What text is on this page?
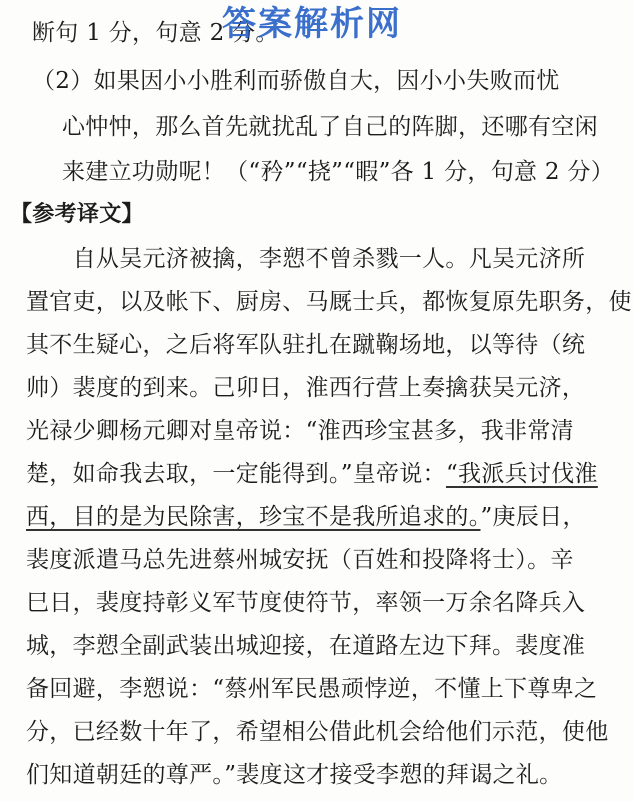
断句 1 分，句意 2 分。
答案解析网
（2）如果因小小胜利而骄傲自大，因小小失败而忧
心忡忡，那么首先就扰乱了自己的阵脚，还哪有空闲
来建立功勋呢！（“矜”“挠”“暇”各 1 分，句意 2 分）
【参考译文】
　　自从吴元济被擒，李愬不曾杀戮一人。凡吴元济所
置官吏，以及帐下、厨房、马厩士兵，都恢复原先职务，使
其不生疑心，之后将军队驻扎在蹴鞠场地，以等待（统
帅）裴度的到来。己卯日，淮西行营上奏擒获吴元济，
光禄少卿杨元卿对皇帝说：“淮西珍宝甚多，我非常清
楚，如命我去取，一定能得到。”皇帝说：“我派兵讨伐淮
西，目的是为民除害，珍宝不是我所追求的。”庚辰日，
裴度派遣马总先进蔡州城安抚（百姓和投降将士）。辛
巳日，裴度持彰义军节度使符节，率领一万余名降兵入
城，李愬全副武装出城迎接，在道路左边下拜。裴度准
备回避，李愬说：“蔡州军民愚顽悖逆，不懂上下尊卑之
分，已经数十年了，希望相公借此机会给他们示范，使他
们知道朝廷的尊严。”裴度这才接受李愬的拜谒之礼。
